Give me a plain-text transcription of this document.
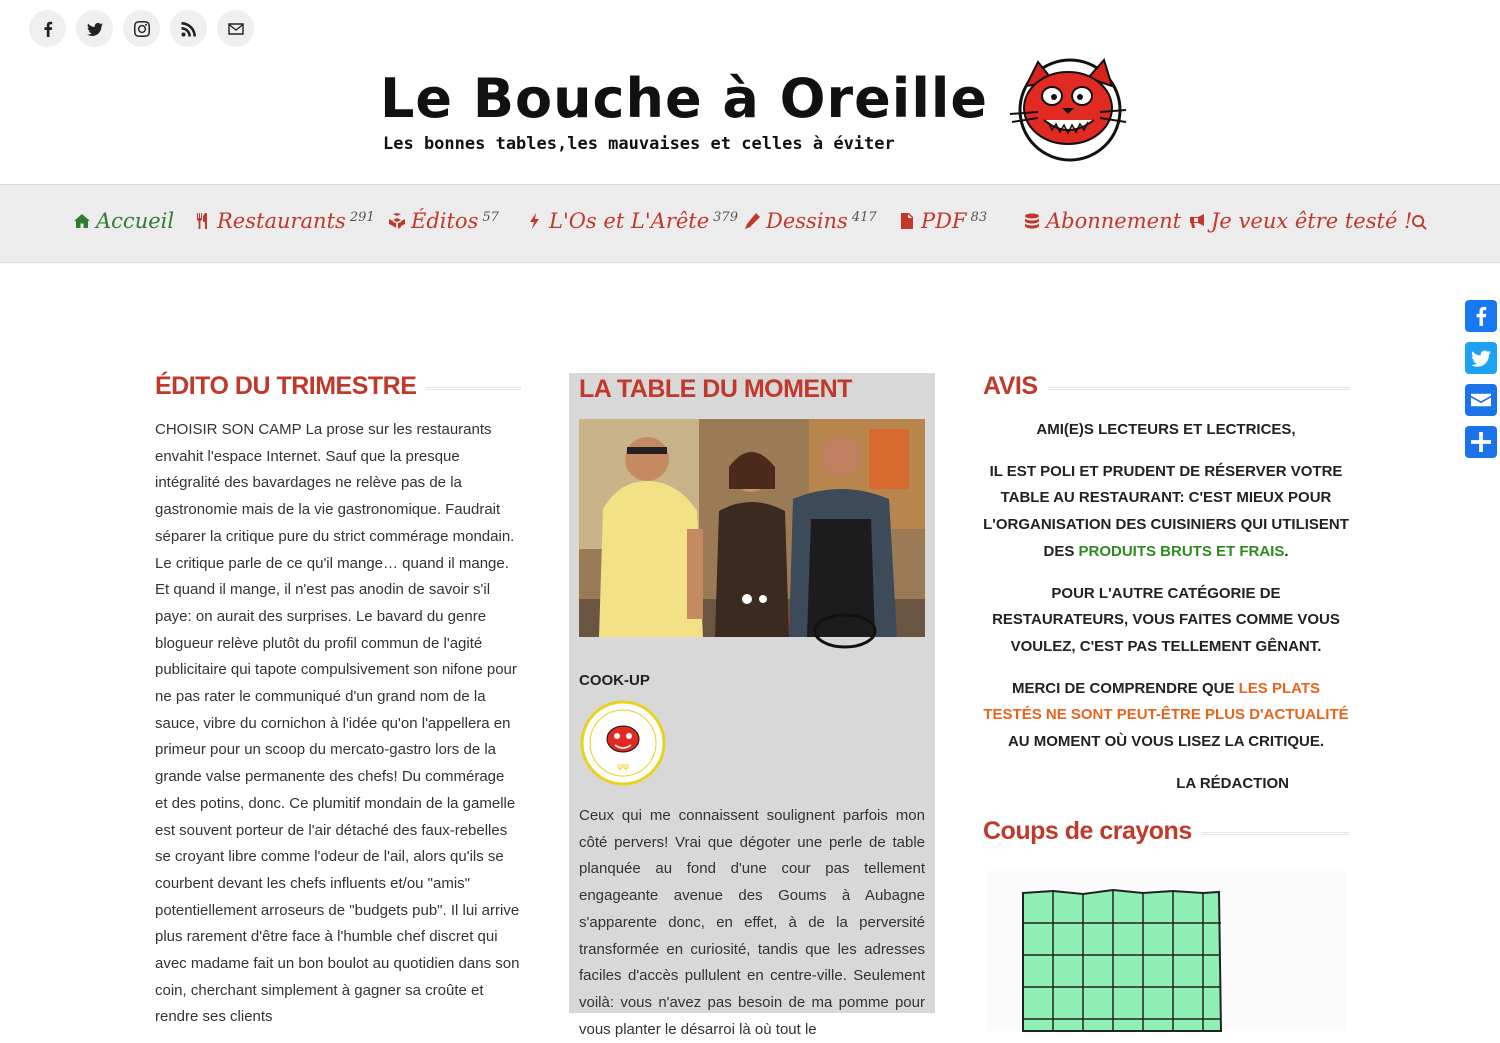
Le Bouche à Oreille
Les bonnes tables,les mauvaises et celles à éviter
Accueil Restaurants 291 Éditos 57 L'Os et L'Arête 379 Dessins 417 PDF 83	Abonnement Je veux être testé !
ÉDITO DU TRIMESTRE

CHOISIR SON CAMP La prose sur les restaurants envahit l'espace Internet. Sauf que la presque intégralité des bavardages ne relève pas de la gastronomie mais de la vie gastronomique. Faudrait séparer la critique pure du strict commérage mondain. Le critique parle de ce qu'il mange… quand il mange. Et quand il mange, il n'est pas anodin de savoir s'il paye: on aurait des surprises. Le bavard du genre blogueur relève plutôt du profil commun de l'agité publicitaire qui tapote compulsivement son nifone pour ne pas rater le communiqué d'un grand nom de la sauce, vibre du cornichon à l'idée qu'on l'appellera en primeur pour un scoop du mercato-gastro lors de la grande valse permanente des chefs! Du commérage et des potins, donc. Ce plumitif mondain de la gamelle est souvent porteur de l'air détaché des faux-rebelles se croyant libre comme l'odeur de l'ail, alors qu'ils se courbent devant les chefs influents et/ou "amis" potentiellement arroseurs de "budgets pub". Il lui arrive plus rarement d'être face à l'humble chef discret qui avec madame fait un bon boulot au quotidien dans son coin, cherchant simplement à gagner sa croûte et rendre ses clients

LA TABLE DU MOMENT
COOK-UP
ψψ

Ceux qui me connaissent soulignent parfois mon côté pervers! Vrai que dégoter une perle de table planquée au fond d'une cour pas tellement engageante avenue des Goums à Aubagne s'apparente donc, en effet, à de la perversité transformée en curiosité, tandis que les adresses faciles d'accès pullulent en centre-ville. Seulement voilà: vous n'avez pas besoin de ma pomme pour vous planter le désarroi là où tout le

AVIS

AMI(E)S LECTEURS ET LECTRICES,

IL EST POLI ET PRUDENT DE RÉSERVER VOTRE TABLE AU RESTAURANT: C'EST MIEUX POUR L'ORGANISATION DES CUISINIERS QUI UTILISENT DES PRODUITS BRUTS ET FRAIS.

POUR L'AUTRE CATÉGORIE DE RESTAURATEURS, VOUS FAITES COMME VOUS VOULEZ, C'EST PAS TELLEMENT GÊNANT.

MERCI DE COMPRENDRE QUE LES PLATS TESTÉS NE SONT PEUT-ÊTRE PLUS D'ACTUALITÉ AU MOMENT OÙ VOUS LISEZ LA CRITIQUE.

LA RÉDACTION

Coups de crayons
